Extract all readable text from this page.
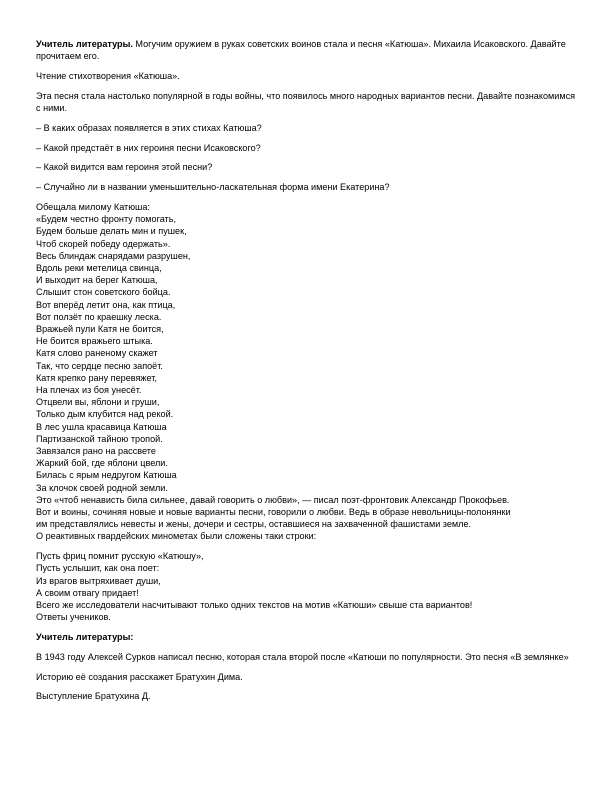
Учитель литературы. Могучим оружием в руках советских воинов стала и песня «Катюша». Михаила Исаковского. Давайте прочитаем его.

Чтение стихотворения «Катюша».

Эта песня стала настолько популярной в годы войны, что появилось много народных вариантов песни. Давайте познакомимся с ними.

– В каких образах появляется в этих стихах Катюша?

– Какой предстаёт в них героиня песни Исаковского?

– Какой видится вам героиня этой песни?

– Случайно ли в названии уменьшительно-ласкательная форма имени Екатерина?

Обещала милому Катюша:
«Будем честно фронту помогать,
Будем больше делать мин и пушек,
Чтоб скорей победу одержать».
Весь блиндаж снарядами разрушен,
Вдоль реки метелица свинца,
И выходит на берег Катюша,
Слышит стон советского бойца.
Вот вперёд летит она, как птица,
Вот ползёт по краешку леска.
Вражьей пули Катя не боится,
Не боится вражьего штыка.
Катя слово раненому скажет
Так, что сердце песню запоёт.
Катя крепко рану перевяжет,
На плечах из боя унесёт.
Отцвели вы, яблони и груши,
Только дым клубится над рекой.
В лес ушла красавица Катюша
Партизанской тайною тропой.
Завязался рано на рассвете
Жаркий бой, где яблони цвели.
Билась с ярым недругом Катюша
За клочок своей родной земли.
Это «чтоб ненависть била сильнее, давай говорить о любви», — писал поэт-фронтовик Александр Прокофьев.
Вот и воины, сочиняя новые и новые варианты песни, говорили о любви. Ведь в образе невольницы-полонянки
им представлялись невесты и жены, дочери и сестры, оставшиеся на захваченной фашистами земле.

О реактивных гвардейских минометах были сложены таки строки:

Пусть фриц помнит русскую «Катюшу»,
Пусть услышит, как она поет:
Из врагов вытряхивает души,
А своим отвагу придает!
Всего же исследователи насчитывают только одних текстов на мотив «Катюши» свыше ста вариантов!

Ответы учеников.

Учитель литературы:

В 1943 году Алексей Сурков написал песню, которая стала второй после «Катюши по популярности. Это песня «В землянке»

Историю её создания расскажет Братухин Дима.

Выступление Братухина Д.
